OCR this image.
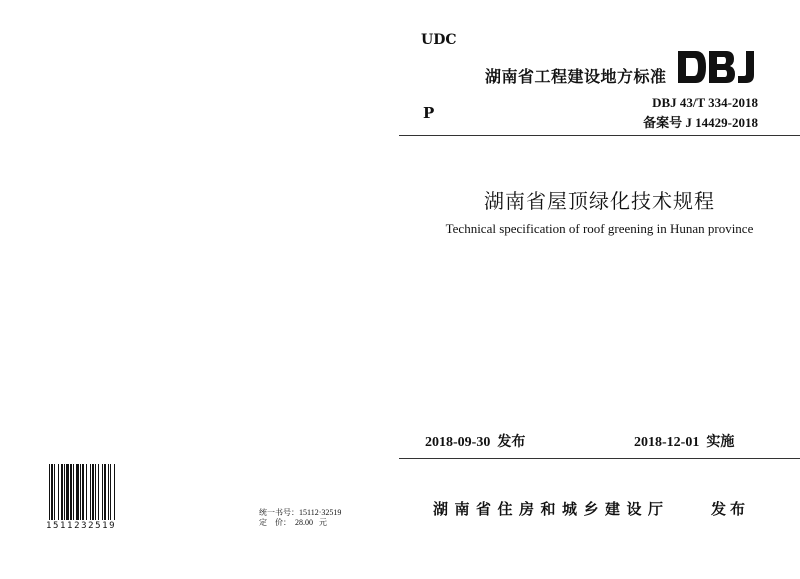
UDC
P
湖南省工程建设地方标准
DBJ
DBJ 43/T 334-2018
备案号 J 14429-2018
湖南省屋顶绿化技术规程
Technical specification of roof greening in Hunan province
2018-09-30  发布	2018-12-01  实施
湖南省住房和城乡建设厅	发布
1511232519
统一书号：15112·32519
定    价：  28.00   元
